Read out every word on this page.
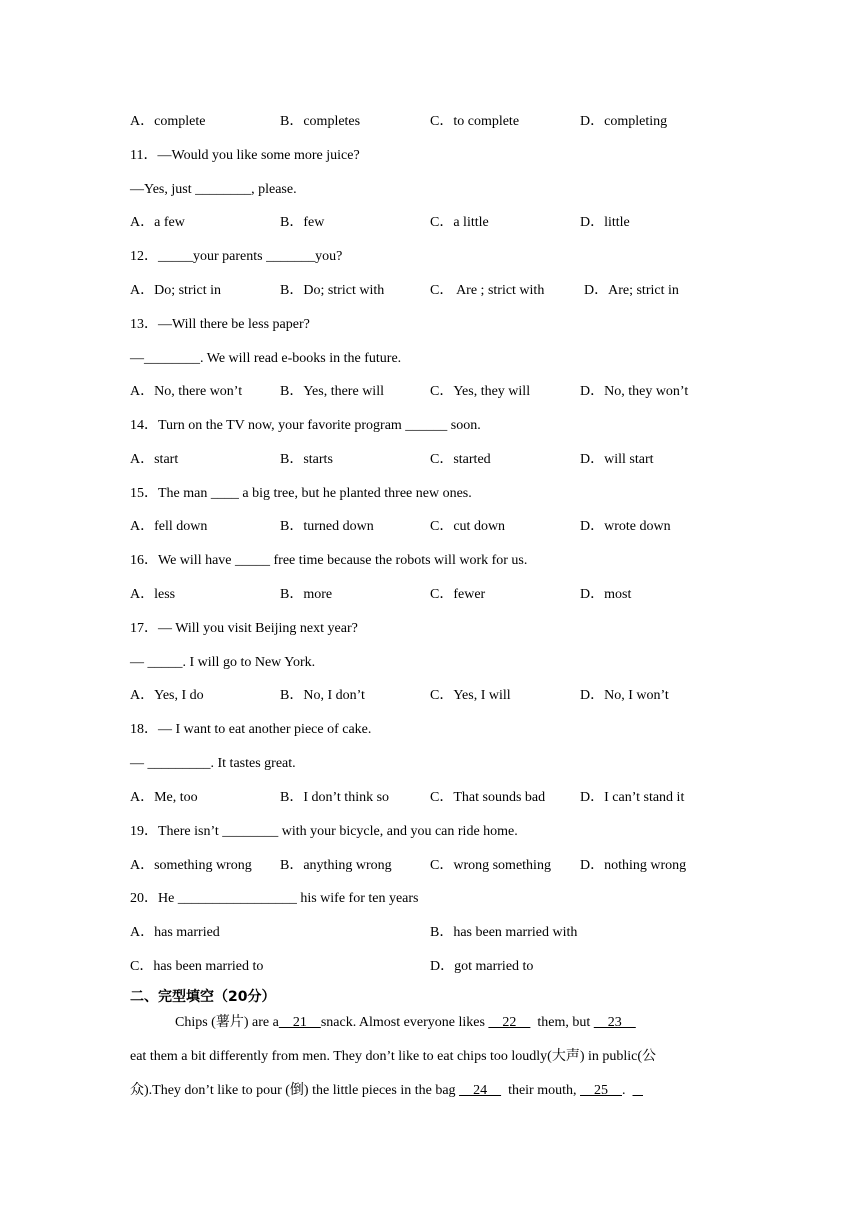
A．complete	B．completes	C．to complete	D．completing
11．—Would you like some more juice?
—Yes, just ________, please.
A．a few	B．few	C．a little	D．little
12．_____your parents _______you?
A．Do; strict in	B．Do; strict with	C． Are ; strict with	D．Are; strict in
13．—Will there be less paper?
—________. We will read e-books in the future.
A．No, there won’t	B．Yes, there will	C．Yes, they will	D．No, they won’t
14．Turn on the TV now, your favorite program ______ soon.
A．start	B．starts	C．started	D．will start
15．The man ____ a big tree, but he planted three new ones.
A．fell down	B．turned down	C．cut down	D．wrote down
16．We will have _____ free time because the robots will work for us.
A．less	B．more	C．fewer	D．most
17．— Will you visit Beijing next year?
— _____. I will go to New York.
A．Yes, I do	B．No, I don’t	C．Yes, I will	D．No, I won’t
18．— I want to eat another piece of cake.
— _________. It tastes great.
A．Me, too	B．I don’t think so	C．That sounds bad D．I can’t stand it
19．There isn’t ________ with your bicycle, and you can ride home.
A．something wrong B．anything wrong	C．wrong something D．nothing wrong
20．He _________________ his wife for ten years
A．has married	B．has been married with
C．has been married to	D．got married to
二、完型填空（20分）
Chips (薯片) are a    21    snack. Almost everyone likes     22      them, but     23
eat them a bit differently from men. They don’t like to eat chips too loudly(大声) in public(公
众).They don’t like to pour (倒) the little pieces in the bag     24      their mouth,     25    .
